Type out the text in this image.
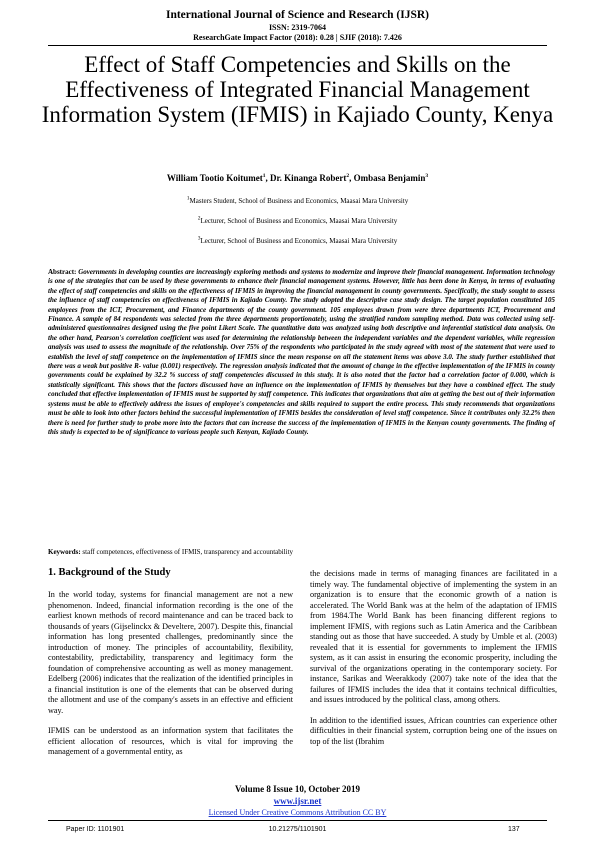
International Journal of Science and Research (IJSR)
ISSN: 2319-7064
ResearchGate Impact Factor (2018): 0.28 | SJIF (2018): 7.426
Effect of Staff Competencies and Skills on the Effectiveness of Integrated Financial Management Information System (IFMIS) in Kajiado County, Kenya
William Tootio Koitumet$^1$, Dr. Kinanga Robert$^2$, Ombasa Benjamin$^3$
$^1$Masters Student, School of Business and Economics, Maasai Mara University
$^2$Lecturer, School of Business and Economics, Maasai Mara University
$^3$Lecturer, School of Business and Economics, Maasai Mara University
Abstract: Governments in developing counties are increasingly exploring methods and systems to modernize and improve their financial management. Information technology is one of the strategies that can be used by these governments to enhance their financial management systems. However, little has been done in Kenya, in terms of evaluating the effect of staff competencies and skills on the effectiveness of IFMIS in improving the financial management in county governments. Specifically, the study sought to assess the influence of staff competencies on effectiveness of IFMIS in Kajiado County. The study adopted the descriptive case study design. The target population constituted 105 employees from the ICT, Procurement, and Finance departments of the county government. 105 employees drawn from were three departments ICT, Procurement and Finance. A sample of 84 respondents was selected from the three departments proportionately, using the stratified random sampling method. Data was collected using self-administered questionnaires designed using the five point Likert Scale. The quantitative data was analyzed using both descriptive and inferential statistical data analysis. On the other hand, Pearson's correlation coefficient was used for determining the relationship between the independent variables and the dependent variables, while regression analysis was used to assess the magnitude of the relationship. Over 75% of the respondents who participated in the study agreed with most of the statement that were used to establish the level of staff competence on the implementation of IFMIS since the mean response on all the statement items was above 3.0. The study further established that there was a weak but positive R- value (0.001) respectively. The regression analysis indicated that the amount of change in the effective implementation of the IFMIS in county governments could be explained by 32.2 % success of staff competencies discussed in this study. It is also noted that the factor had a correlation factor of 0.000, which is statistically significant. This shows that the factors discussed have an influence on the implementation of IFMIS by themselves but they have a combined effect. The study concluded that effective implementation of IFMIS must be supported by staff competence. This indicates that organizations that aim at getting the best out of their information systems must be able to effectively address the issues of employee's competencies and skills required to support the entire process. This study recommends that organizations must be able to look into other factors behind the successful implementation of IFMIS besides the consideration of level staff competence. Since it contributes only 32.2% then there is need for further study to probe more into the factors that can increase the success of the implementation of IFMIS in the Kenyan county governments. The finding of this study is expected to be of significance to various people such Kenyan, Kajiado County.
Keywords: staff competences, effectiveness of IFMIS, transparency and accountability
1. Background of the Study

In the world today, systems for financial management are not a new phenomenon. Indeed, financial information recording is the one of the earliest known methods of record maintenance and can be traced back to thousands of years (Gijselinckx & Develtere, 2007). Despite this, financial information has long presented challenges, predominantly since the introduction of money. The principles of accountability, flexibility, contestability, predictability, transparency and legitimacy form the foundation of comprehensive accounting as well as money management. Edelberg (2006) indicates that the realization of the identified principles in a financial institution is one of the elements that can be observed during the allotment and use of the company's assets in an effective and efficient way.

IFMIS can be understood as an information system that facilitates the efficient allocation of resources, which is vital for improving the management of a governmental entity, as

the decisions made in terms of managing finances are facilitated in a timely way. The fundamental objective of implementing the system in an organization is to ensure that the economic growth of a nation is accelerated. The World Bank was at the helm of the adaptation of IFMIS from 1984.The World Bank has been financing different regions to implement IFMIS, with regions such as Latin America and the Caribbean standing out as those that have succeeded. A study by Umble et al. (2003) revealed that it is essential for governments to implement the IFMIS system, as it can assist in ensuring the economic prosperity, including the survival of the organizations operating in the contemporary society. For instance, Sarikas and Weerakkody (2007) take note of the idea that the failures of IFMIS includes the idea that it contains technical difficulties, and issues introduced by the political class, among others.

In addition to the identified issues, African countries can experience other difficulties in their financial system, corruption being one of the issues on top of the list (Ibrahim

Volume 8 Issue 10, October 2019
www.ijsr.net
Licensed Under Creative Commons Attribution CC BY
Paper ID: 1101901	10.21275/1101901	137
